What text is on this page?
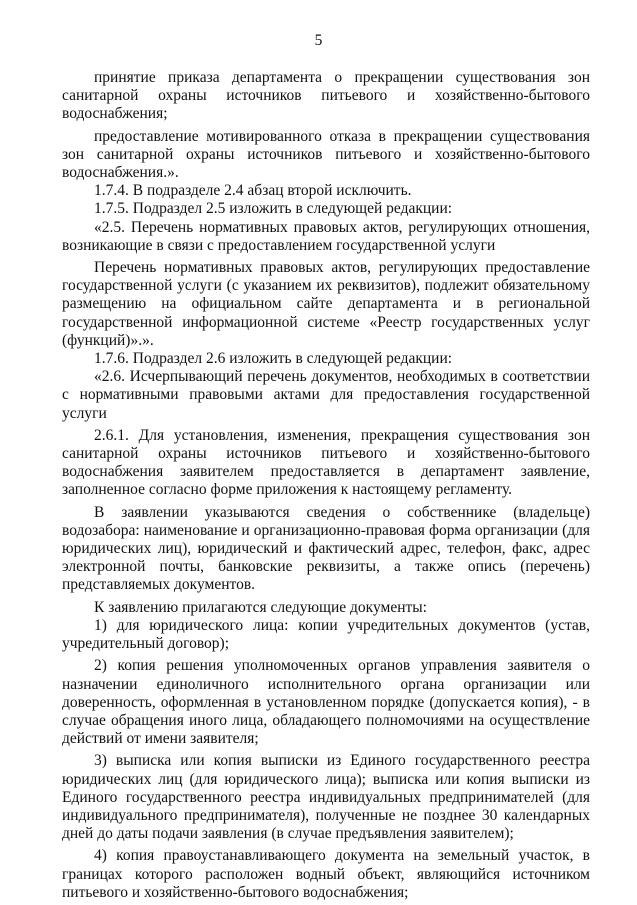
5

принятие приказа департамента о прекращении существования зон санитарной охраны источников питьевого и хозяйственно-бытового водоснабжения;

предоставление мотивированного отказа в прекращении существования зон санитарной охраны источников питьевого и хозяйственно-бытового водоснабжения.».

1.7.4. В подразделе 2.4 абзац второй исключить.

1.7.5. Подраздел 2.5 изложить в следующей редакции:

«2.5. Перечень нормативных правовых актов, регулирующих отношения, возникающие в связи с предоставлением государственной услуги

Перечень нормативных правовых актов, регулирующих предоставление государственной услуги (с указанием их реквизитов), подлежит обязательному размещению на официальном сайте департамента и в региональной государственной информационной системе «Реестр государственных услуг (функций)».».

1.7.6. Подраздел 2.6 изложить в следующей редакции:

«2.6. Исчерпывающий перечень документов, необходимых в соответствии с нормативными правовыми актами для предоставления государственной услуги

2.6.1. Для установления, изменения, прекращения существования зон санитарной охраны источников питьевого и хозяйственно-бытового водоснабжения заявителем предоставляется в департамент заявление, заполненное согласно форме приложения к настоящему регламенту.

В заявлении указываются сведения о собственнике (владельце) водозабора: наименование и организационно-правовая форма организации (для юридических лиц), юридический и фактический адрес, телефон, факс, адрес электронной почты, банковские реквизиты, а также опись (перечень) представляемых документов.

К заявлению прилагаются следующие документы:

1) для юридического лица: копии учредительных документов (устав, учредительный договор);

2) копия решения уполномоченных органов управления заявителя о назначении единоличного исполнительного органа организации или доверенность, оформленная в установленном порядке (допускается копия), - в случае обращения иного лица, обладающего полномочиями на осуществление действий от имени заявителя;

3) выписка или копия выписки из Единого государственного реестра юридических лиц (для юридического лица); выписка или копия выписки из Единого государственного реестра индивидуальных предпринимателей (для индивидуального предпринимателя), полученные не позднее 30 календарных дней до даты подачи заявления (в случае предъявления заявителем);

4) копия правоустанавливающего документа на земельный участок, в границах которого расположен водный объект, являющийся источником питьевого и хозяйственно-бытового водоснабжения;
